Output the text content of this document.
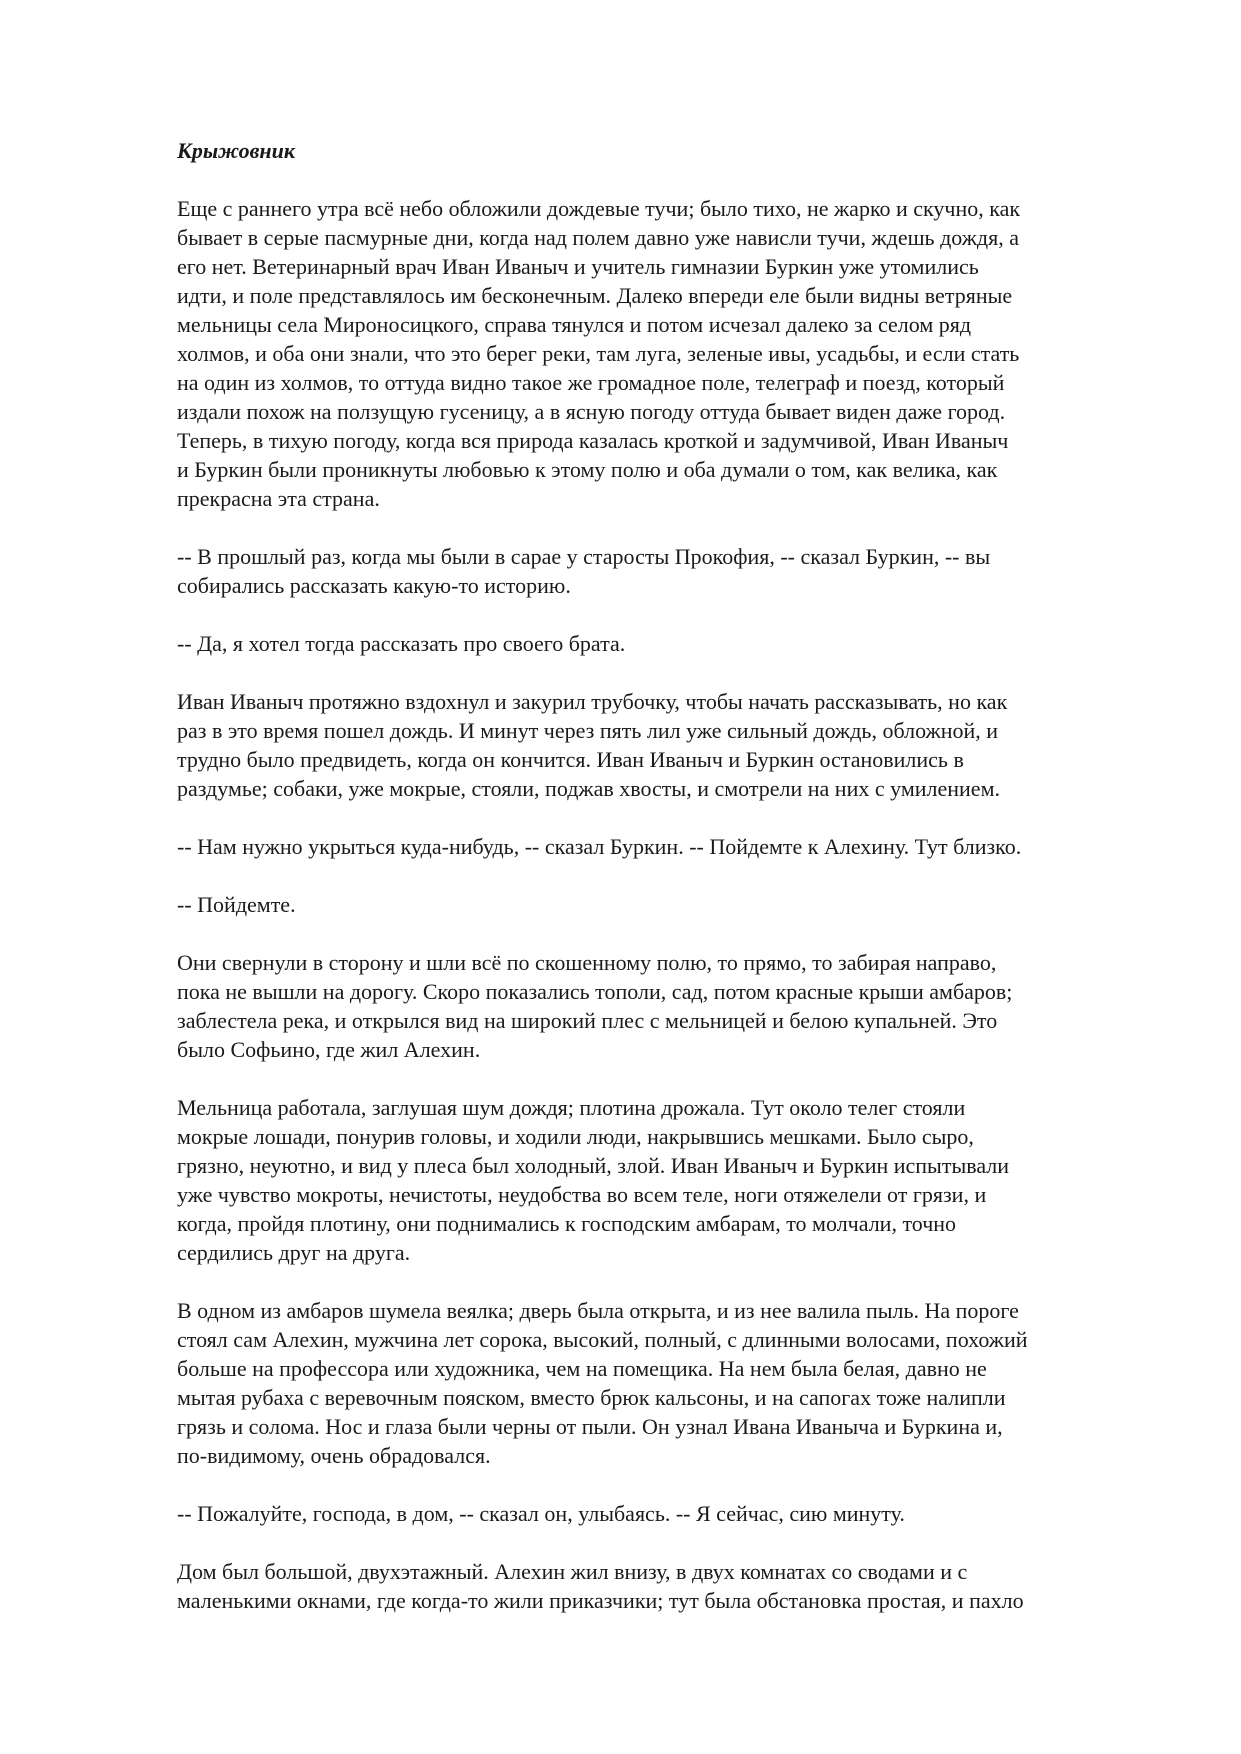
Крыжовник
Еще с раннего утра всё небо обложили дождевые тучи; было тихо, не жарко и скучно, как
бывает в серые пасмурные дни, когда над полем давно уже нависли тучи, ждешь дождя, а
его нет. Ветеринарный врач Иван Иваныч и учитель гимназии Буркин уже утомились
идти, и поле представлялось им бесконечным. Далеко впереди еле были видны ветряные
мельницы села Мироносицкого, справа тянулся и потом исчезал далеко за селом ряд
холмов, и оба они знали, что это берег реки, там луга, зеленые ивы, усадьбы, и если стать
на один из холмов, то оттуда видно такое же громадное поле, телеграф и поезд, который
издали похож на ползущую гусеницу, а в ясную погоду оттуда бывает виден даже город.
Теперь, в тихую погоду, когда вся природа казалась кроткой и задумчивой, Иван Иваныч
и Буркин были проникнуты любовью к этому полю и оба думали о том, как велика, как
прекрасна эта страна.
-- В прошлый раз, когда мы были в сарае у старосты Прокофия, -- сказал Буркин, -- вы
собирались рассказать какую-то историю.
-- Да, я хотел тогда рассказать про своего брата.
Иван Иваныч протяжно вздохнул и закурил трубочку, чтобы начать рассказывать, но как
раз в это время пошел дождь. И минут через пять лил уже сильный дождь, обложной, и
трудно было предвидеть, когда он кончится. Иван Иваныч и Буркин остановились в
раздумье; собаки, уже мокрые, стояли, поджав хвосты, и смотрели на них с умилением.
-- Нам нужно укрыться куда-нибудь, -- сказал Буркин. -- Пойдемте к Алехину. Тут близко.
-- Пойдемте.
Они свернули в сторону и шли всё по скошенному полю, то прямо, то забирая направо,
пока не вышли на дорогу. Скоро показались тополи, сад, потом красные крыши амбаров;
заблестела река, и открылся вид на широкий плес с мельницей и белою купальней. Это
было Софьино, где жил Алехин.
Мельница работала, заглушая шум дождя; плотина дрожала. Тут около телег стояли
мокрые лошади, понурив головы, и ходили люди, накрывшись мешками. Было сыро,
грязно, неуютно, и вид у плеса был холодный, злой. Иван Иваныч и Буркин испытывали
уже чувство мокроты, нечистоты, неудобства во всем теле, ноги отяжелели от грязи, и
когда, пройдя плотину, они поднимались к господским амбарам, то молчали, точно
сердились друг на друга.
В одном из амбаров шумела веялка; дверь была открыта, и из нее валила пыль. На пороге
стоял сам Алехин, мужчина лет сорока, высокий, полный, с длинными волосами, похожий
больше на профессора или художника, чем на помещика. На нем была белая, давно не
мытая рубаха с веревочным пояском, вместо брюк кальсоны, и на сапогах тоже налипли
грязь и солома. Нос и глаза были черны от пыли. Он узнал Ивана Иваныча и Буркина и,
по-видимому, очень обрадовался.
-- Пожалуйте, господа, в дом, -- сказал он, улыбаясь. -- Я сейчас, сию минуту.
Дом был большой, двухэтажный. Алехин жил внизу, в двух комнатах со сводами и с
маленькими окнами, где когда-то жили приказчики; тут была обстановка простая, и пахло
